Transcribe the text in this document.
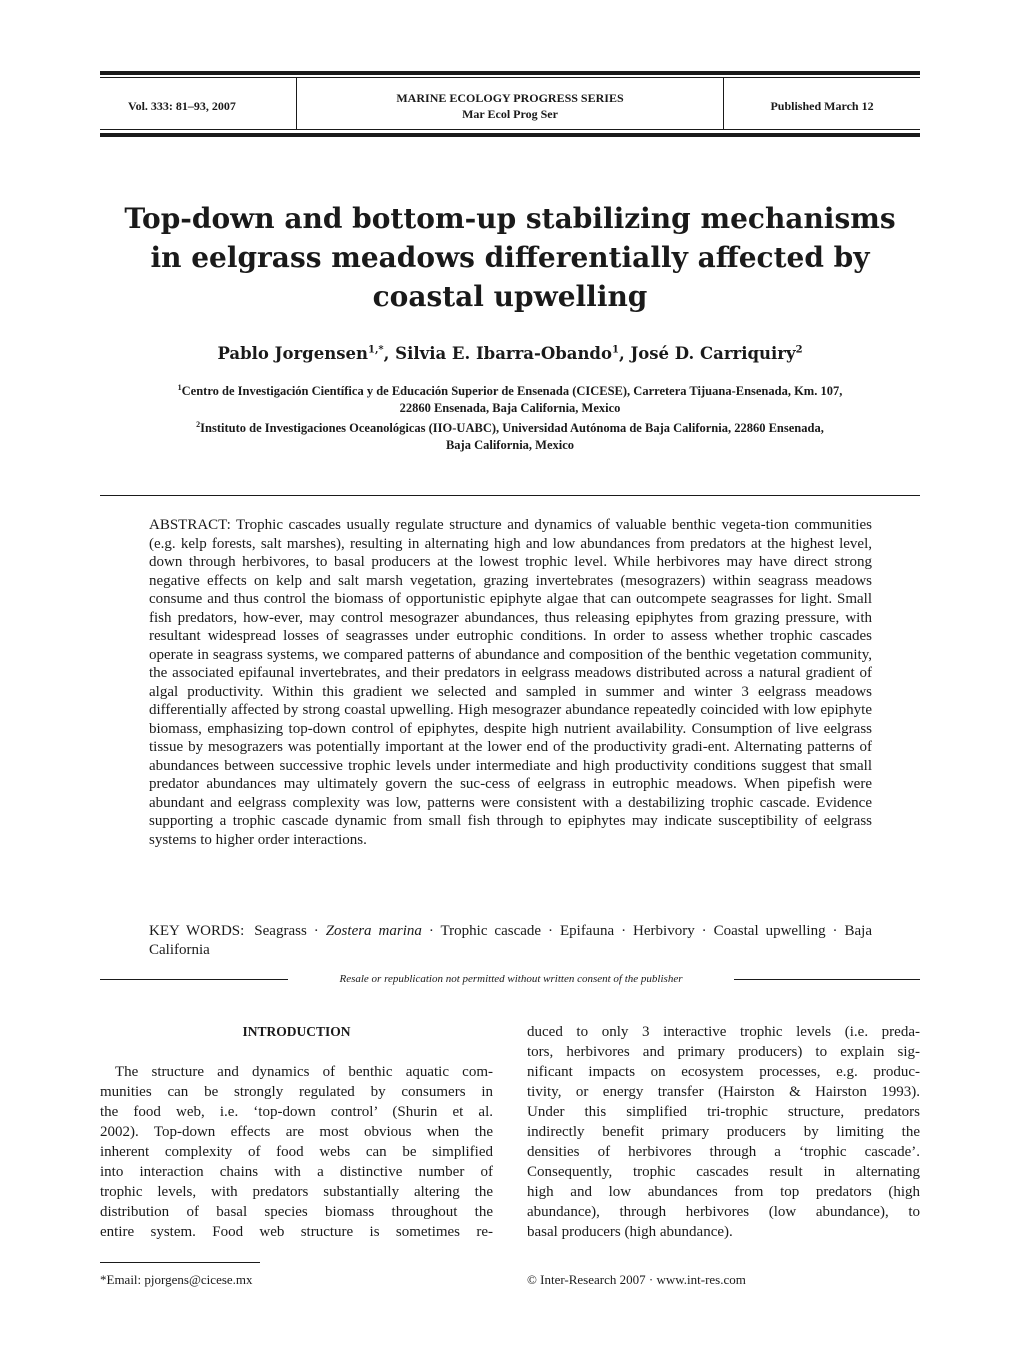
Vol. 333: 81–93, 2007
MARINE ECOLOGY PROGRESS SERIES
Mar Ecol Prog Ser
Published March 12
Top-down and bottom-up stabilizing mechanisms
in eelgrass meadows differentially affected by
coastal upwelling
Pablo Jorgensen$^{1,*}$, Silvia E. Ibarra-Obando$^1$, José D. Carriquiry$^2$
$^1$Centro de Investigación Científica y de Educación Superior de Ensenada (CICESE), Carretera Tijuana-Ensenada, Km. 107,
22860 Ensenada, Baja California, Mexico
$^2$Instituto de Investigaciones Oceanológicas (IIO-UABC), Universidad Autónoma de Baja California, 22860 Ensenada,
Baja California, Mexico
ABSTRACT: Trophic cascades usually regulate structure and dynamics of valuable benthic vegeta-tion communities (e.g. kelp forests, salt marshes), resulting in alternating high and low abundances from predators at the highest level, down through herbivores, to basal producers at the lowest trophic level. While herbivores may have direct strong negative effects on kelp and salt marsh vegetation, grazing invertebrates (mesograzers) within seagrass meadows consume and thus control the biomass of opportunistic epiphyte algae that can outcompete seagrasses for light. Small fish predators, how-ever, may control mesograzer abundances, thus releasing epiphytes from grazing pressure, with resultant widespread losses of seagrasses under eutrophic conditions. In order to assess whether trophic cascades operate in seagrass systems, we compared patterns of abundance and composition of the benthic vegetation community, the associated epifaunal invertebrates, and their predators in eelgrass meadows distributed across a natural gradient of algal productivity. Within this gradient we selected and sampled in summer and winter 3 eelgrass meadows differentially affected by strong coastal upwelling. High mesograzer abundance repeatedly coincided with low epiphyte biomass, emphasizing top-down control of epiphytes, despite high nutrient availability. Consumption of live eelgrass tissue by mesograzers was potentially important at the lower end of the productivity gradi-ent. Alternating patterns of abundances between successive trophic levels under intermediate and high productivity conditions suggest that small predator abundances may ultimately govern the suc-cess of eelgrass in eutrophic meadows. When pipefish were abundant and eelgrass complexity was low, patterns were consistent with a destabilizing trophic cascade. Evidence supporting a trophic cascade dynamic from small fish through to epiphytes may indicate susceptibility of eelgrass systems to higher order interactions.
KEY WORDS: Seagrass · Zostera marina · Trophic cascade · Epifauna · Herbivory · Coastal upwelling · Baja California
Resale or republication not permitted without written consent of the publisher
INTRODUCTION
The structure and dynamics of benthic aquatic com-
munities can be strongly regulated by consumers in
the food web, i.e. ‘top-down control’ (Shurin et al.
2002). Top-down effects are most obvious when the
inherent complexity of food webs can be simplified
into interaction chains with a distinctive number of
trophic levels, with predators substantially altering the
distribution of basal species biomass throughout the
entire system. Food web structure is sometimes re-
duced to only 3 interactive trophic levels (i.e. preda-
tors, herbivores and primary producers) to explain sig-
nificant impacts on ecosystem processes, e.g. produc-
tivity, or energy transfer (Hairston & Hairston 1993).
Under this simplified tri-trophic structure, predators
indirectly benefit primary producers by limiting the
densities of herbivores through a ‘trophic cascade’.
Consequently, trophic cascades result in alternating
high and low abundances from top predators (high
abundance), through herbivores (low abundance), to
basal producers (high abundance).
*Email: pjorgens@cicese.mx	© Inter-Research 2007 · www.int-res.com
